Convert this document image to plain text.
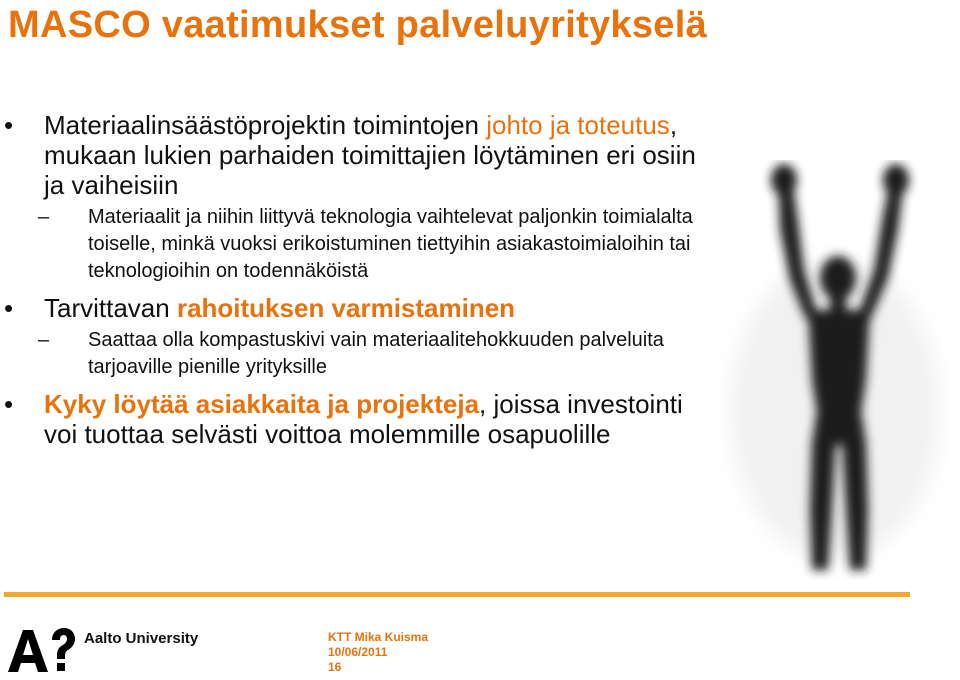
MASCO vaatimukset palveluyritykselä
• Materiaalinsäästöprojektin toimintojen johto ja toteutus, mukaan lukien parhaiden toimittajien löytäminen eri osiin ja vaiheisiin
– Materiaalit ja niihin liittyvä teknologia vaihtelevat paljonkin toimialalta toiselle, minkä vuoksi erikoistuminen tiettyihin asiakastoimialoihin tai teknologioihin on todennäköistä
• Tarvittavan rahoituksen varmistaminen
– Saattaa olla kompastuskivi vain materiaalitehokkuuden palveluita tarjoaville pienille yrityksille
• Kyky löytää asiakkaita ja projekteja, joissa investointi voi tuottaa selvästi voittoa molemmille osapuolille
Aalto University	KTT Mika Kuisma
10/06/2011
16
